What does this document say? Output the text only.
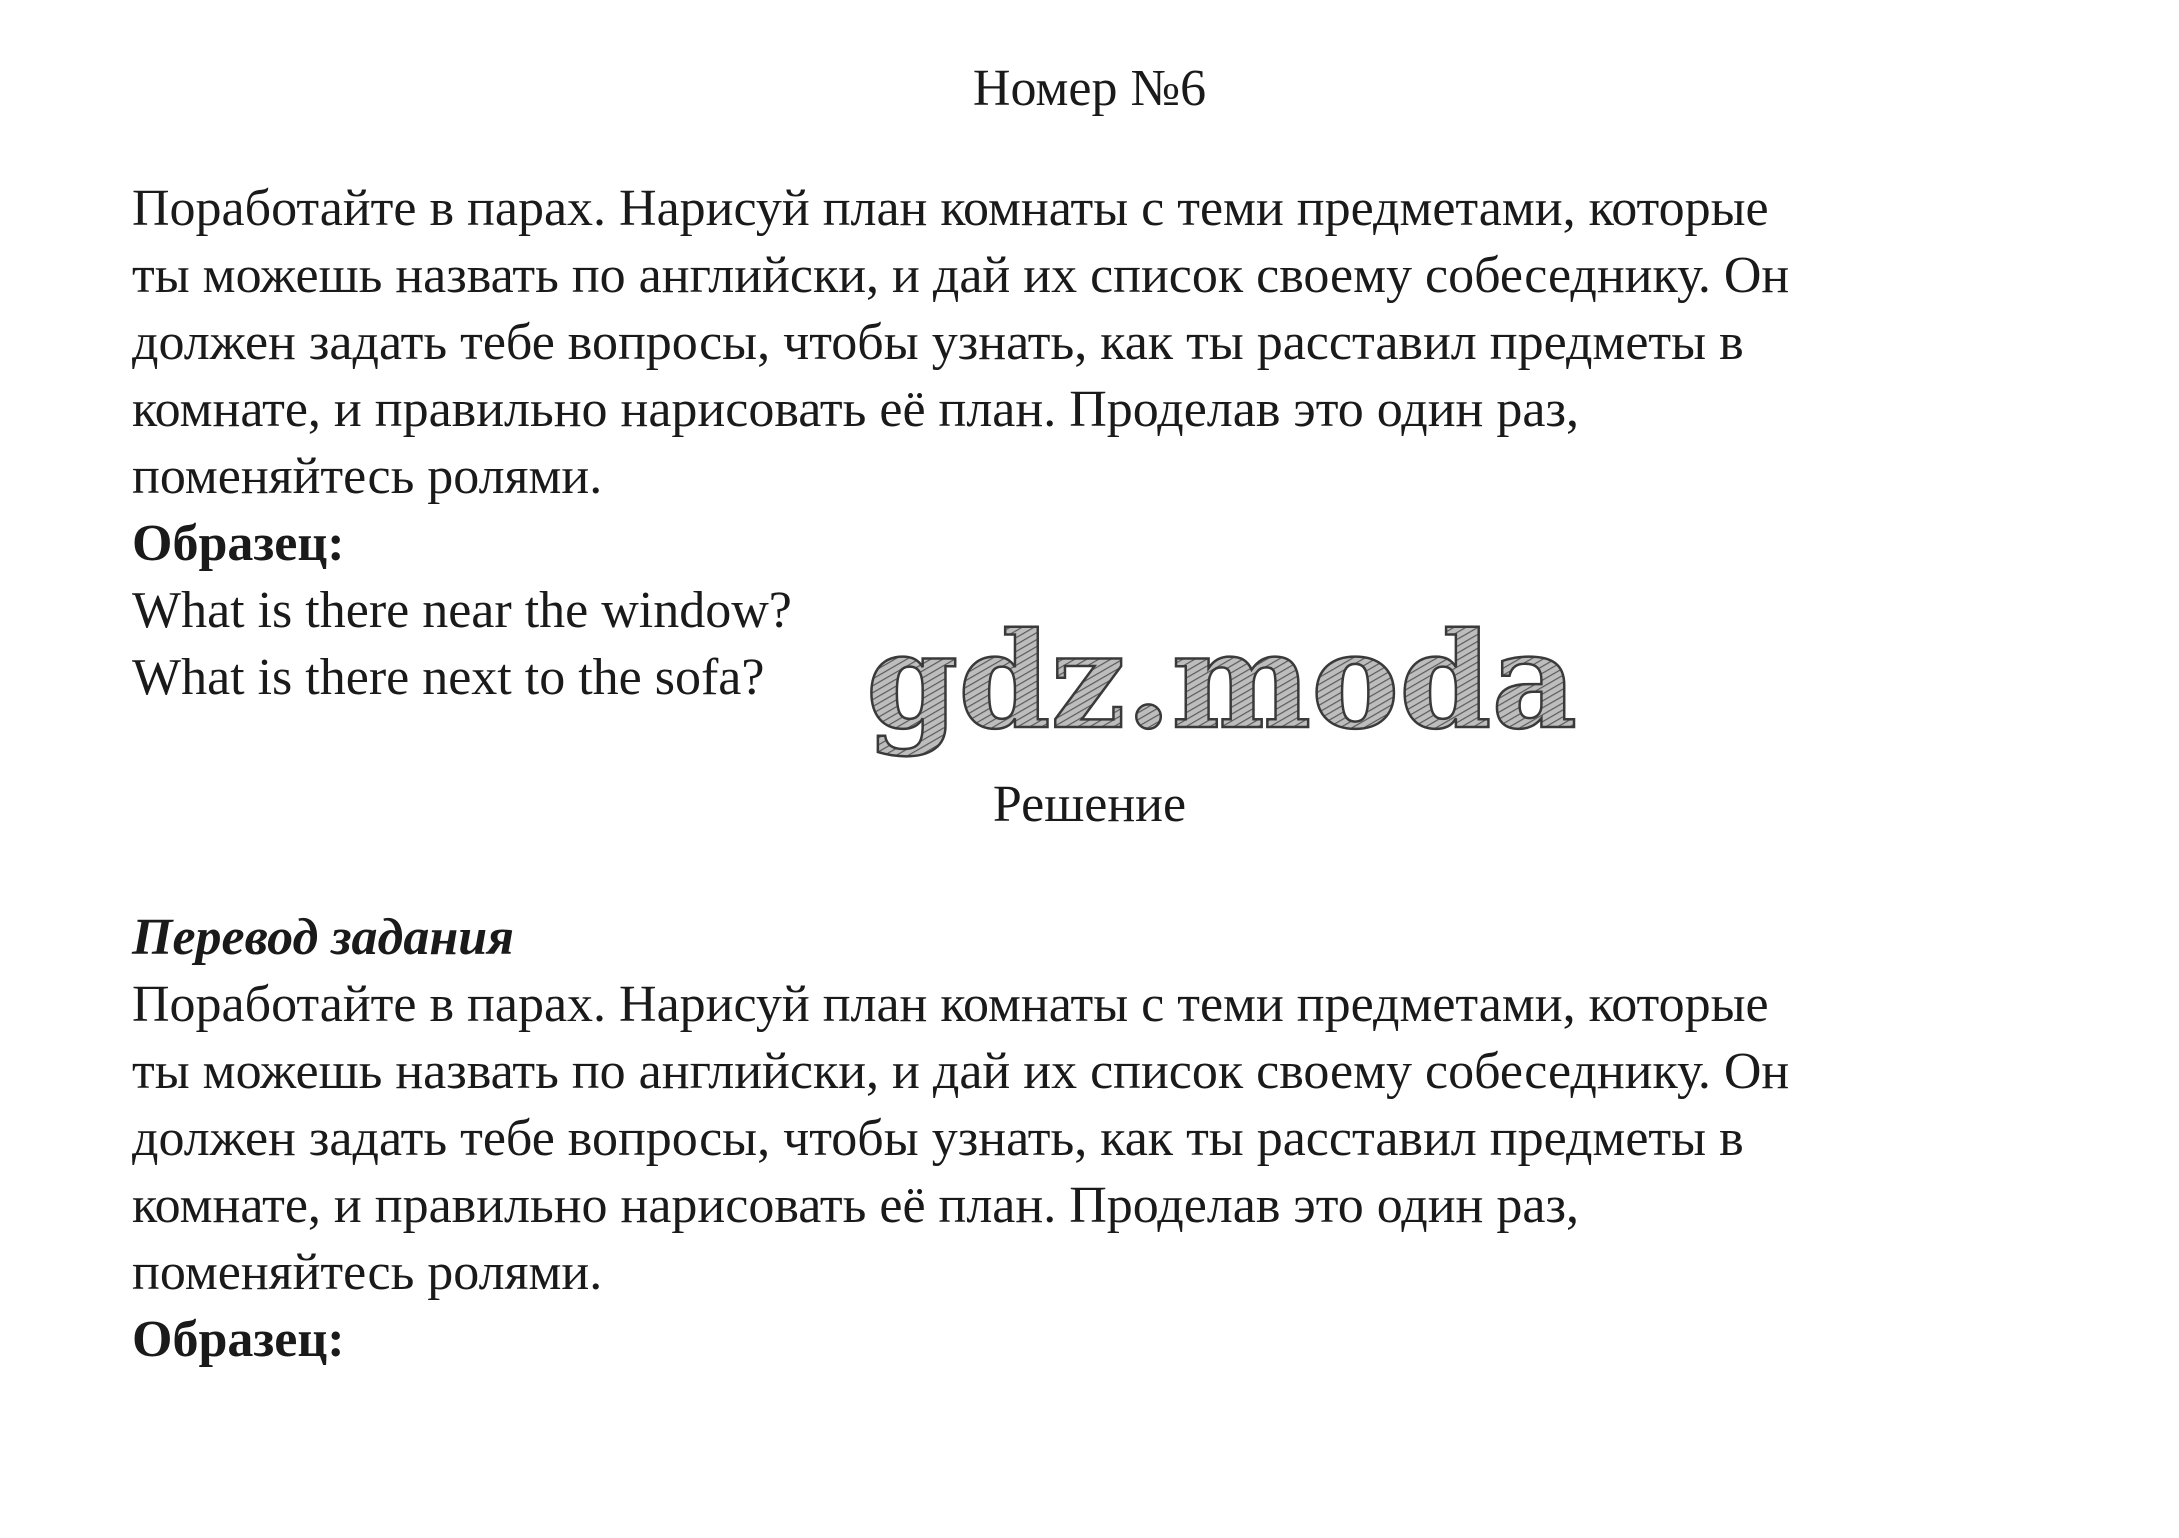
Номер №6

Поработайте в парах. Нарисуй план комнаты с теми предметами, которые

ты можешь назвать по английски, и дай их список своему собеседнику. Он

должен задать тебе вопросы, чтобы узнать, как ты расставил предметы в

комнате, и правильно нарисовать её план. Проделав это один раз,

поменяйтесь ролями.

Образец:

What is there near the window?

What is there next to the sofa? gdz.moda
Решение

Перевод задания

Поработайте в парах. Нарисуй план комнаты с теми предметами, которые

ты можешь назвать по английски, и дай их список своему собеседнику. Он

должен задать тебе вопросы, чтобы узнать, как ты расставил предметы в

комнате, и правильно нарисовать её план. Проделав это один раз,

поменяйтесь ролями.

Образец:
